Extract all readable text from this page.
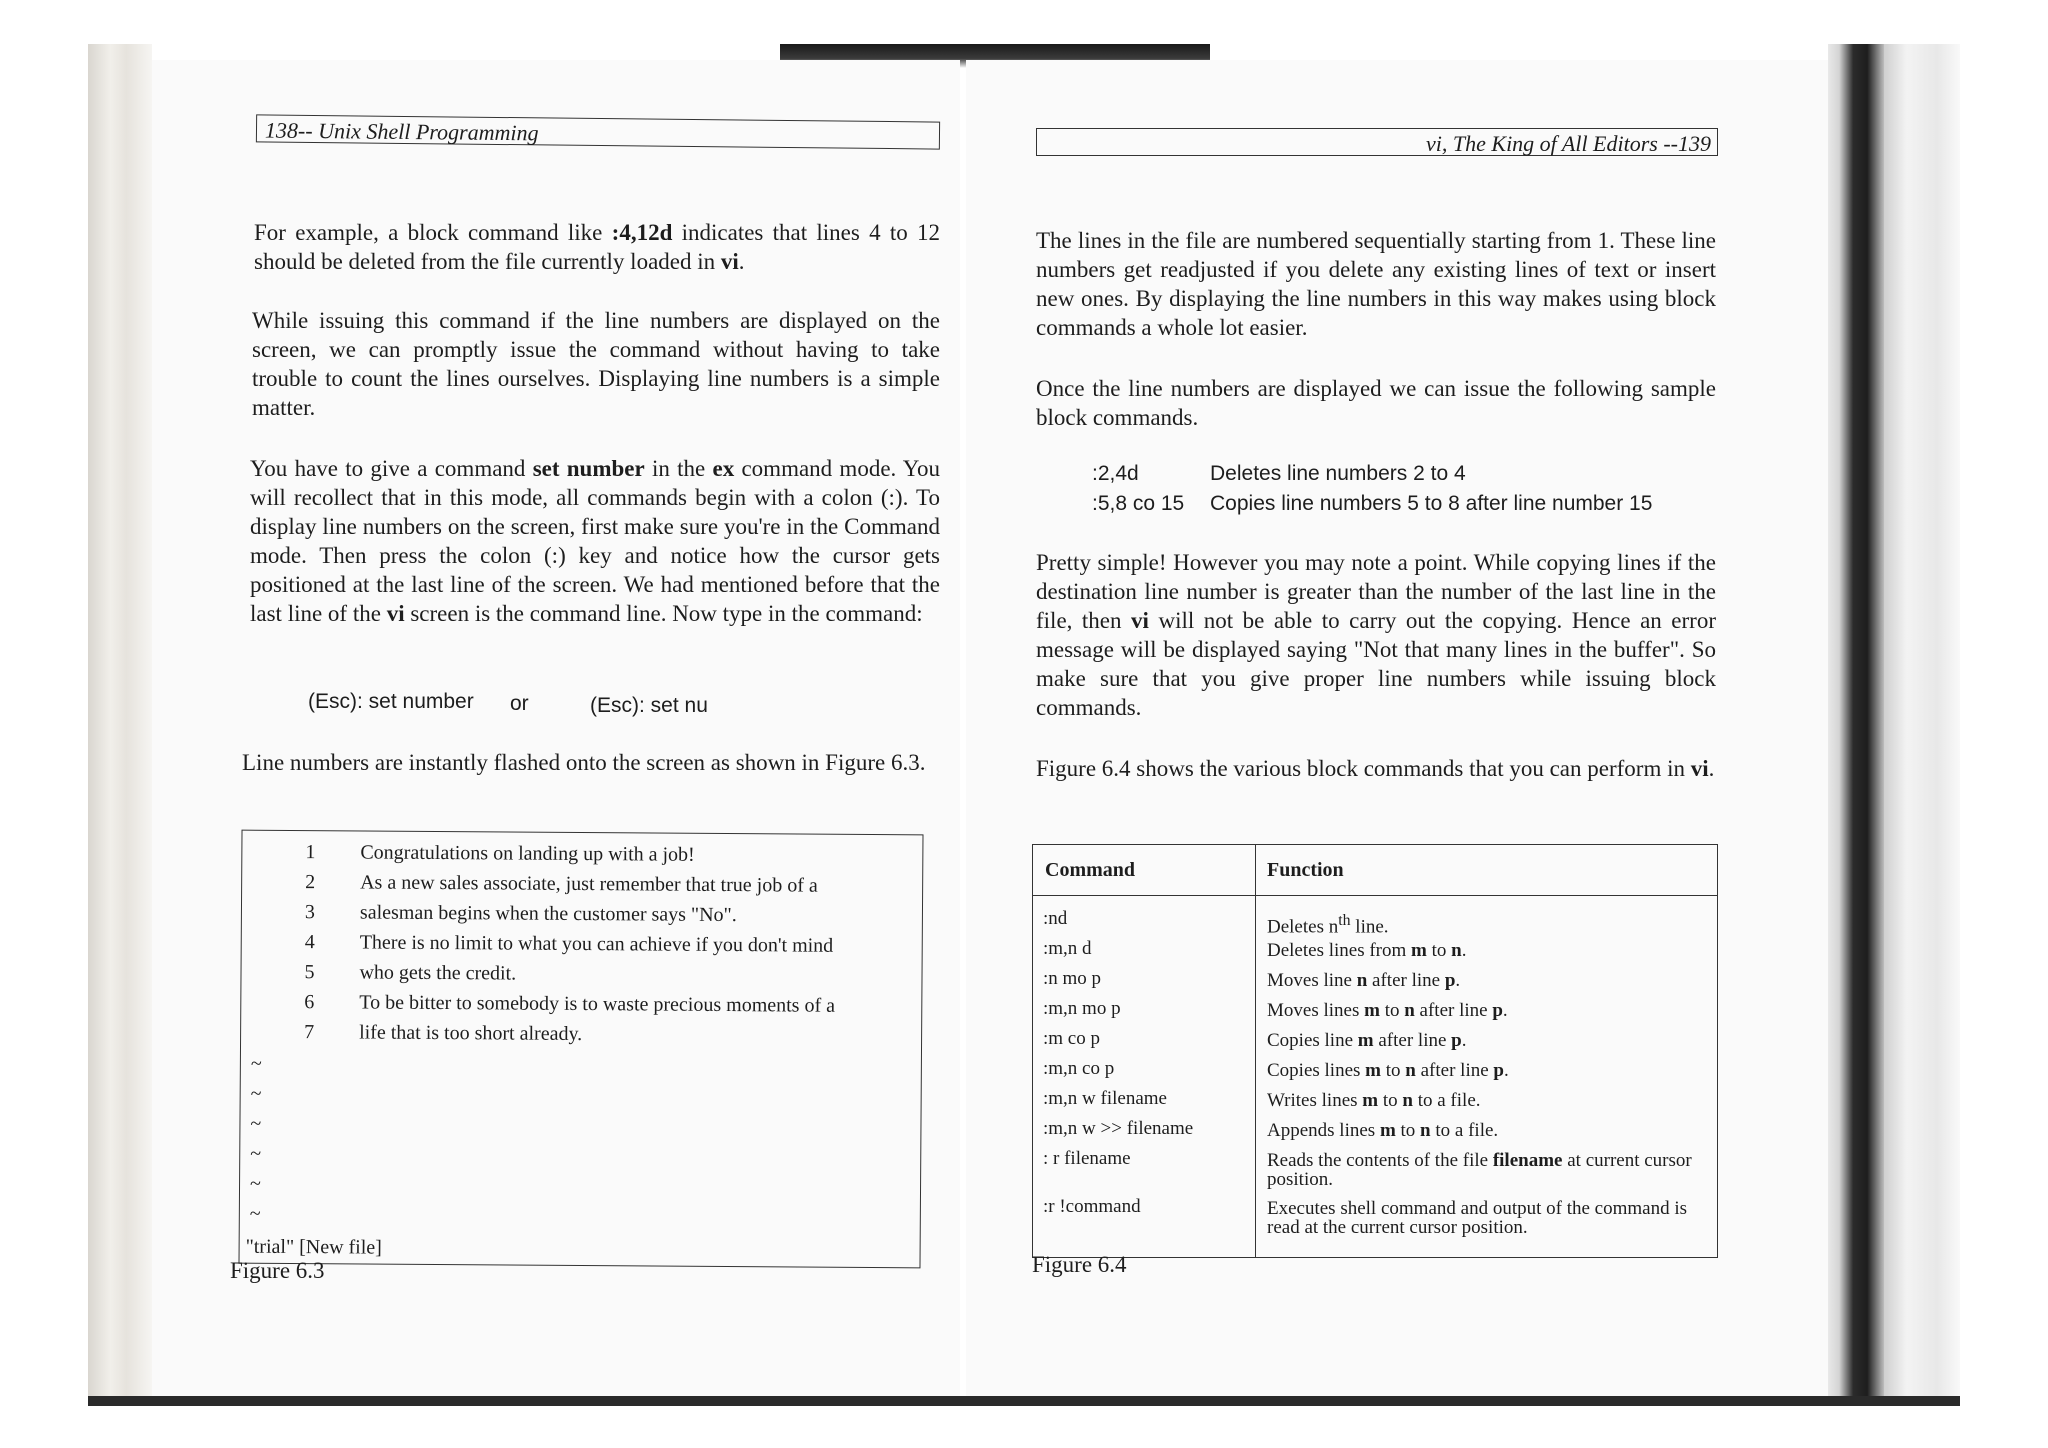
138-- Unix Shell Programming

For example, a block command like :4,12d indicates that lines 4 to 12 should be deleted from the file currently loaded in vi.

While issuing this command if the line numbers are displayed on the screen, we can promptly issue the command without having to take trouble to count the lines ourselves. Displaying line numbers is a simple matter.

You have to give a command set number in the ex command mode. You will recollect that in this mode, all commands begin with a colon (:). To display line numbers on the screen, first make sure you're in the Command mode. Then press the colon (:) key and notice how the cursor gets positioned at the last line of the screen. We had mentioned before that the last line of the vi screen is the command line. Now type in the command:

(Esc): set number or	(Esc): set nu

Line numbers are instantly flashed onto the screen as shown in Figure 6.3.

1 Congratulations on landing up with a job!
2 As a new sales associate, just remember that true job of a
3 salesman begins when the customer says "No".
4 There is no limit to what you can achieve if you don't mind
5 who gets the credit.
6 To be bitter to somebody is to waste precious moments of a
7 life that is too short already.
~
~
~
~
~
~
"trial" [New file]
Figure 6.3
vi, The King of All Editors --139

The lines in the file are numbered sequentially starting from 1. These line numbers get readjusted if you delete any existing lines of text or insert new ones. By displaying the line numbers in this way makes using block commands a whole lot easier.

Once the line numbers are displayed we can issue the following sample block commands.

:2,4d	Deletes line numbers 2 to 4
:5,8 co 15 Copies line numbers 5 to 8 after line number 15

Pretty simple! However you may note a point. While copying lines if the destination line number is greater than the number of the last line in the file, then vi will not be able to carry out the copying. Hence an error message will be displayed saying "Not that many lines in the buffer". So make sure that you give proper line numbers while issuing block commands.

Figure 6.4 shows the various block commands that you can perform in vi.

Command	Function
:nd	Deletes $n^{th}$ line.
:m,n d	Deletes lines from m to n.
:n mo p	Moves line n after line p.
:m,n mo p	Moves lines m to n after line p.
:m co p	Copies line m after line p.
:m,n co p	Copies lines m to n after line p.
:m,n w filename	Writes lines m to n to a file.
:m,n w >> filename	Appends lines m to n to a file.
: r filename	Reads the contents of the file filename at current cursor position.
:r !command	Executes shell command and output of the command is read at the current cursor position.
Figure 6.4
